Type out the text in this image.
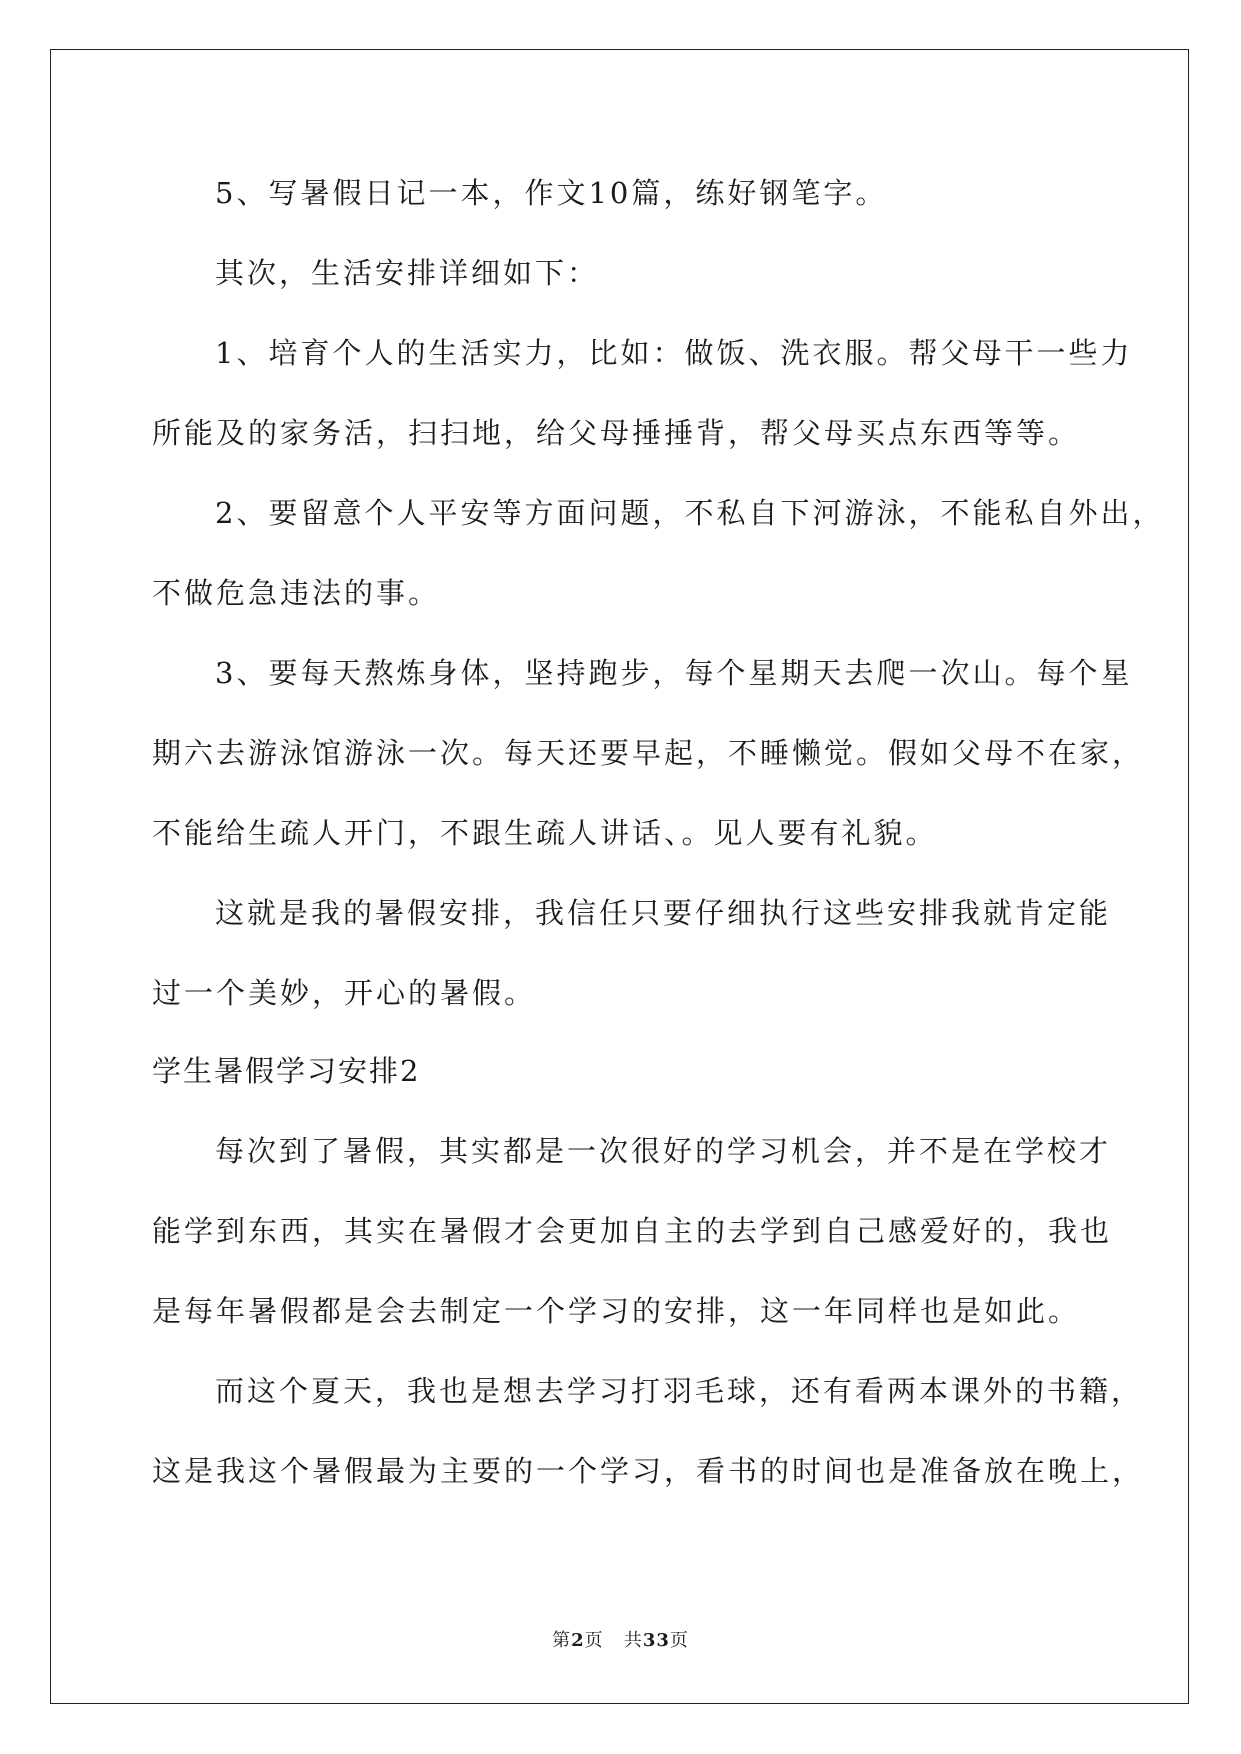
5、写暑假日记一本，作文10篇，练好钢笔字。
其次，生活安排详细如下：
1、培育个人的生活实力，比如：做饭、洗衣服。帮父母干一些力
所能及的家务活，扫扫地，给父母捶捶背，帮父母买点东西等等。
2、要留意个人平安等方面问题，不私自下河游泳，不能私自外出，
不做危急违法的事。
3、要每天熬炼身体，坚持跑步，每个星期天去爬一次山。每个星
期六去游泳馆游泳一次。每天还要早起，不睡懒觉。假如父母不在家，
不能给生疏人开门，不跟生疏人讲话、。见人要有礼貌。
这就是我的暑假安排，我信任只要仔细执行这些安排我就肯定能
过一个美妙，开心的暑假。
学生暑假学习安排2
每次到了暑假，其实都是一次很好的学习机会，并不是在学校才
能学到东西，其实在暑假才会更加自主的去学到自己感爱好的，我也
是每年暑假都是会去制定一个学习的安排，这一年同样也是如此。
而这个夏天，我也是想去学习打羽毛球，还有看两本课外的书籍，
这是我这个暑假最为主要的一个学习，看书的时间也是准备放在晚上，
第2页 共33页
